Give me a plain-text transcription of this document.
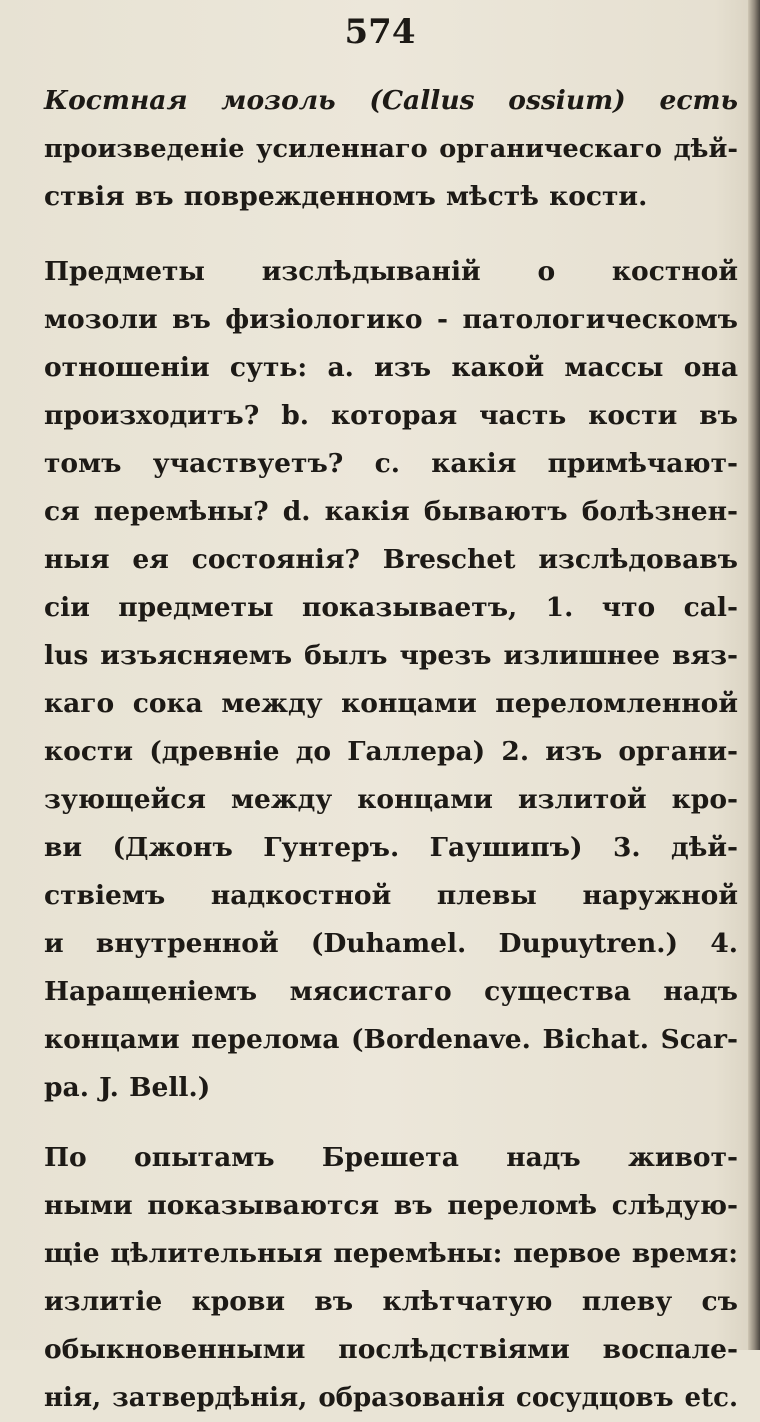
574
Костная мозоль (Callus ossium) есть
произведеніе усиленнаго органическаго дѣй-
ствія въ поврежденномъ мѣстѣ кости.
Предметы изслѣдыванiй о костной
мозоли въ физiологико - патологическомъ
отношенiи суть: a. изъ какой массы она
произходитъ? b. которая часть кости въ
томъ участвуетъ? c. какiя примѣчают-
ся перемѣны? d. какiя бываютъ болѣзнен-
ныя ея состоянiя? Breschet изслѣдовавъ
сiи предметы показываетъ, 1. что cal-
lus изъясняемъ былъ чрезъ излишнее вяз-
каго сока между концами переломленной
кости (древнiе до Галлера) 2. изъ органи-
зующейся между концами излитой кро-
ви (Джонъ Гунтеръ. Гаушипъ) 3. дѣй-
ствiемъ надкостной плевы наружной
и внутренной (Duhamel. Dupuytren.) 4.
Наращенiемъ мясистаго существа надъ
концами перелома (Bordenave. Bichat. Scar-
pa. J. Bell.)
По опытамъ Брешета надъ живот-
ными показываются въ переломѣ слѣдую-
щiе цѣлительныя перемѣны: первое время:
излитiе крови въ клѣтчатую плеву съ
обыкновенными послѣдствiями воспале-
нiя, затвердѣнiя, образованiя сосудцовъ etc.
